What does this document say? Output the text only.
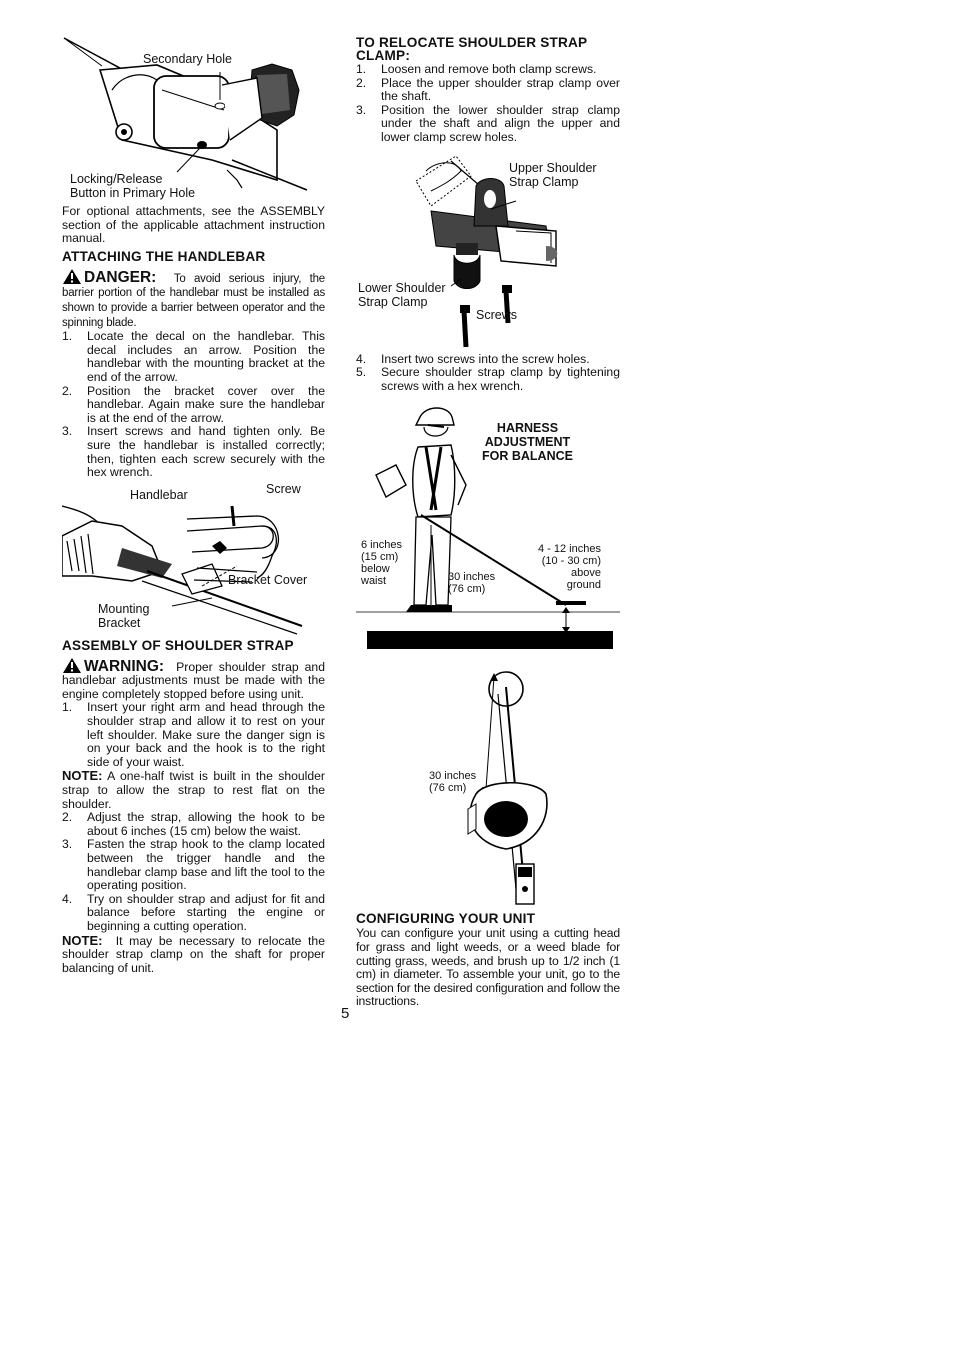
Secondary Hole
Locking/Release
Button in Primary Hole

For optional attachments, see the ASSEMBLY section of the applicable attachment instruction manual.

ATTACHING THE HANDLEBAR

DANGER: To avoid serious injury, the barrier portion of the handlebar must be installed as shown to provide a barrier between operator and the spinning blade.

1. Locate the decal on the handlebar. This decal includes an arrow. Position the handlebar with the mounting bracket at the end of the arrow.
2. Position the bracket cover over the handlebar. Again make sure the handlebar is at the end of the arrow.
3. Insert screws and hand tighten only. Be sure the handlebar is installed correctly; then, tighten each screw securely with the hex wrench.
Handlebar	Screw
Bracket Cover
Mounting
Bracket
ASSEMBLY OF SHOULDER STRAP

WARNING: Proper shoulder strap and handlebar adjustments must be made with the engine completely stopped before using unit.

1. Insert your right arm and head through the shoulder strap and allow it to rest on your left shoulder. Make sure the danger sign is on your back and the hook is to the right side of your waist.

NOTE: A one-half twist is built in the shoulder strap to allow the strap to rest flat on the shoulder.

2. Adjust the strap, allowing the hook to be about 6 inches (15 cm) below the waist.
3. Fasten the strap hook to the clamp located between the trigger handle and the handlebar clamp base and lift the tool to the operating position.
4. Try on shoulder strap and adjust for fit and balance before starting the engine or beginning a cutting operation.

NOTE: It may be necessary to relocate the shoulder strap clamp on the shaft for proper balancing of unit.

TO RELOCATE SHOULDER STRAP CLAMP:
1. Loosen and remove both clamp screws.
2. Place the upper shoulder strap clamp over the shaft.
3. Position the lower shoulder strap clamp under the shaft and align the upper and lower clamp screw holes.
Upper Shoulder
Strap Clamp
Lower Shoulder
Strap Clamp
Screws
4. Insert two screws into the screw holes.
5. Secure shoulder strap clamp by tightening screws with a hex wrench.
HARNESS
ADJUSTMENT
FOR BALANCE
6 inches
(15 cm)
below
waist	30 inches
(76 cm)
4 - 12 inches
(10 - 30 cm)
above
ground
30 inches
(76 cm)
CONFIGURING YOUR UNIT

You can configure your unit using a cutting head for grass and light weeds, or a weed blade for cutting grass, weeds, and brush up to 1/2 inch (1 cm) in diameter. To assemble your unit, go to the section for the desired configuration and follow the instructions.

5
